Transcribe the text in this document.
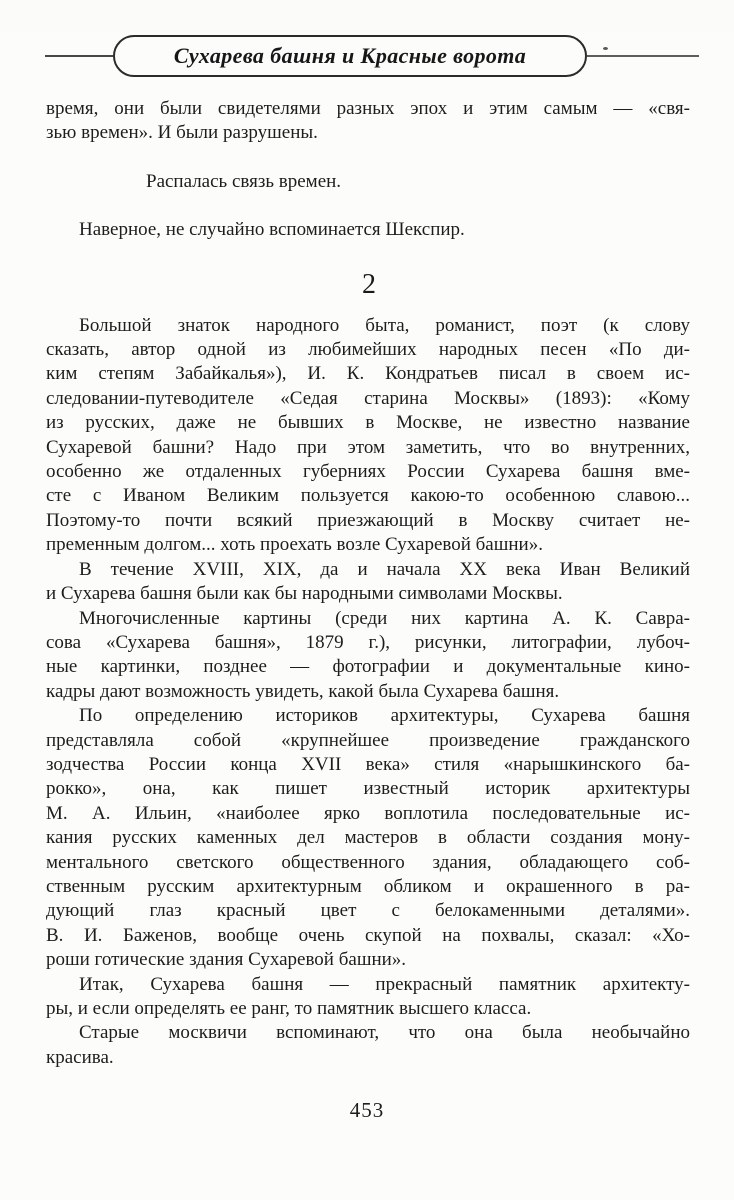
Сухарева башня и Красные ворота
время, они были свидетелями разных эпох и этим самым — «свя-
зью времен». И были разрушены.
Распалась связь времен.
Наверное, не случайно вспоминается Шекспир.
2
Большой знаток народного быта, романист, поэт (к слову
сказать, автор одной из любимейших народных песен «По ди-
ким степям Забайкалья»), И. К. Кондратьев писал в своем ис-
следовании-путеводителе «Седая старина Москвы» (1893): «Кому
из русских, даже не бывших в Москве, не известно название
Сухаревой башни? Надо при этом заметить, что во внутренних,
особенно же отдаленных губерниях России Сухарева башня вме-
сте с Иваном Великим пользуется какою-то особенною славою...
Поэтому-то почти всякий приезжающий в Москву считает не-
пременным долгом... хоть проехать возле Сухаревой башни».
В течение XVIII, XIX, да и начала XX века Иван Великий
и Сухарева башня были как бы народными символами Москвы.
Многочисленные картины (среди них картина А. К. Савра-
сова «Сухарева башня», 1879 г.), рисунки, литографии, лубоч-
ные картинки, позднее — фотографии и документальные кино-
кадры дают возможность увидеть, какой была Сухарева башня.
По определению историков архитектуры, Сухарева башня
представляла собой «крупнейшее произведение гражданского
зодчества России конца XVII века» стиля «нарышкинского ба-
рокко», она, как пишет известный историк архитектуры
М. А. Ильин, «наиболее ярко воплотила последовательные ис-
кания русских каменных дел мастеров в области создания мону-
ментального светского общественного здания, обладающего соб-
ственным русским архитектурным обликом и окрашенного в ра-
дующий глаз красный цвет с белокаменными деталями».
В. И. Баженов, вообще очень скупой на похвалы, сказал: «Хо-
роши готические здания Сухаревой башни».
Итак, Сухарева башня — прекрасный памятник архитекту-
ры, и если определять ее ранг, то памятник высшего класса.
Старые москвичи вспоминают, что она была необычайно
красива.
453
